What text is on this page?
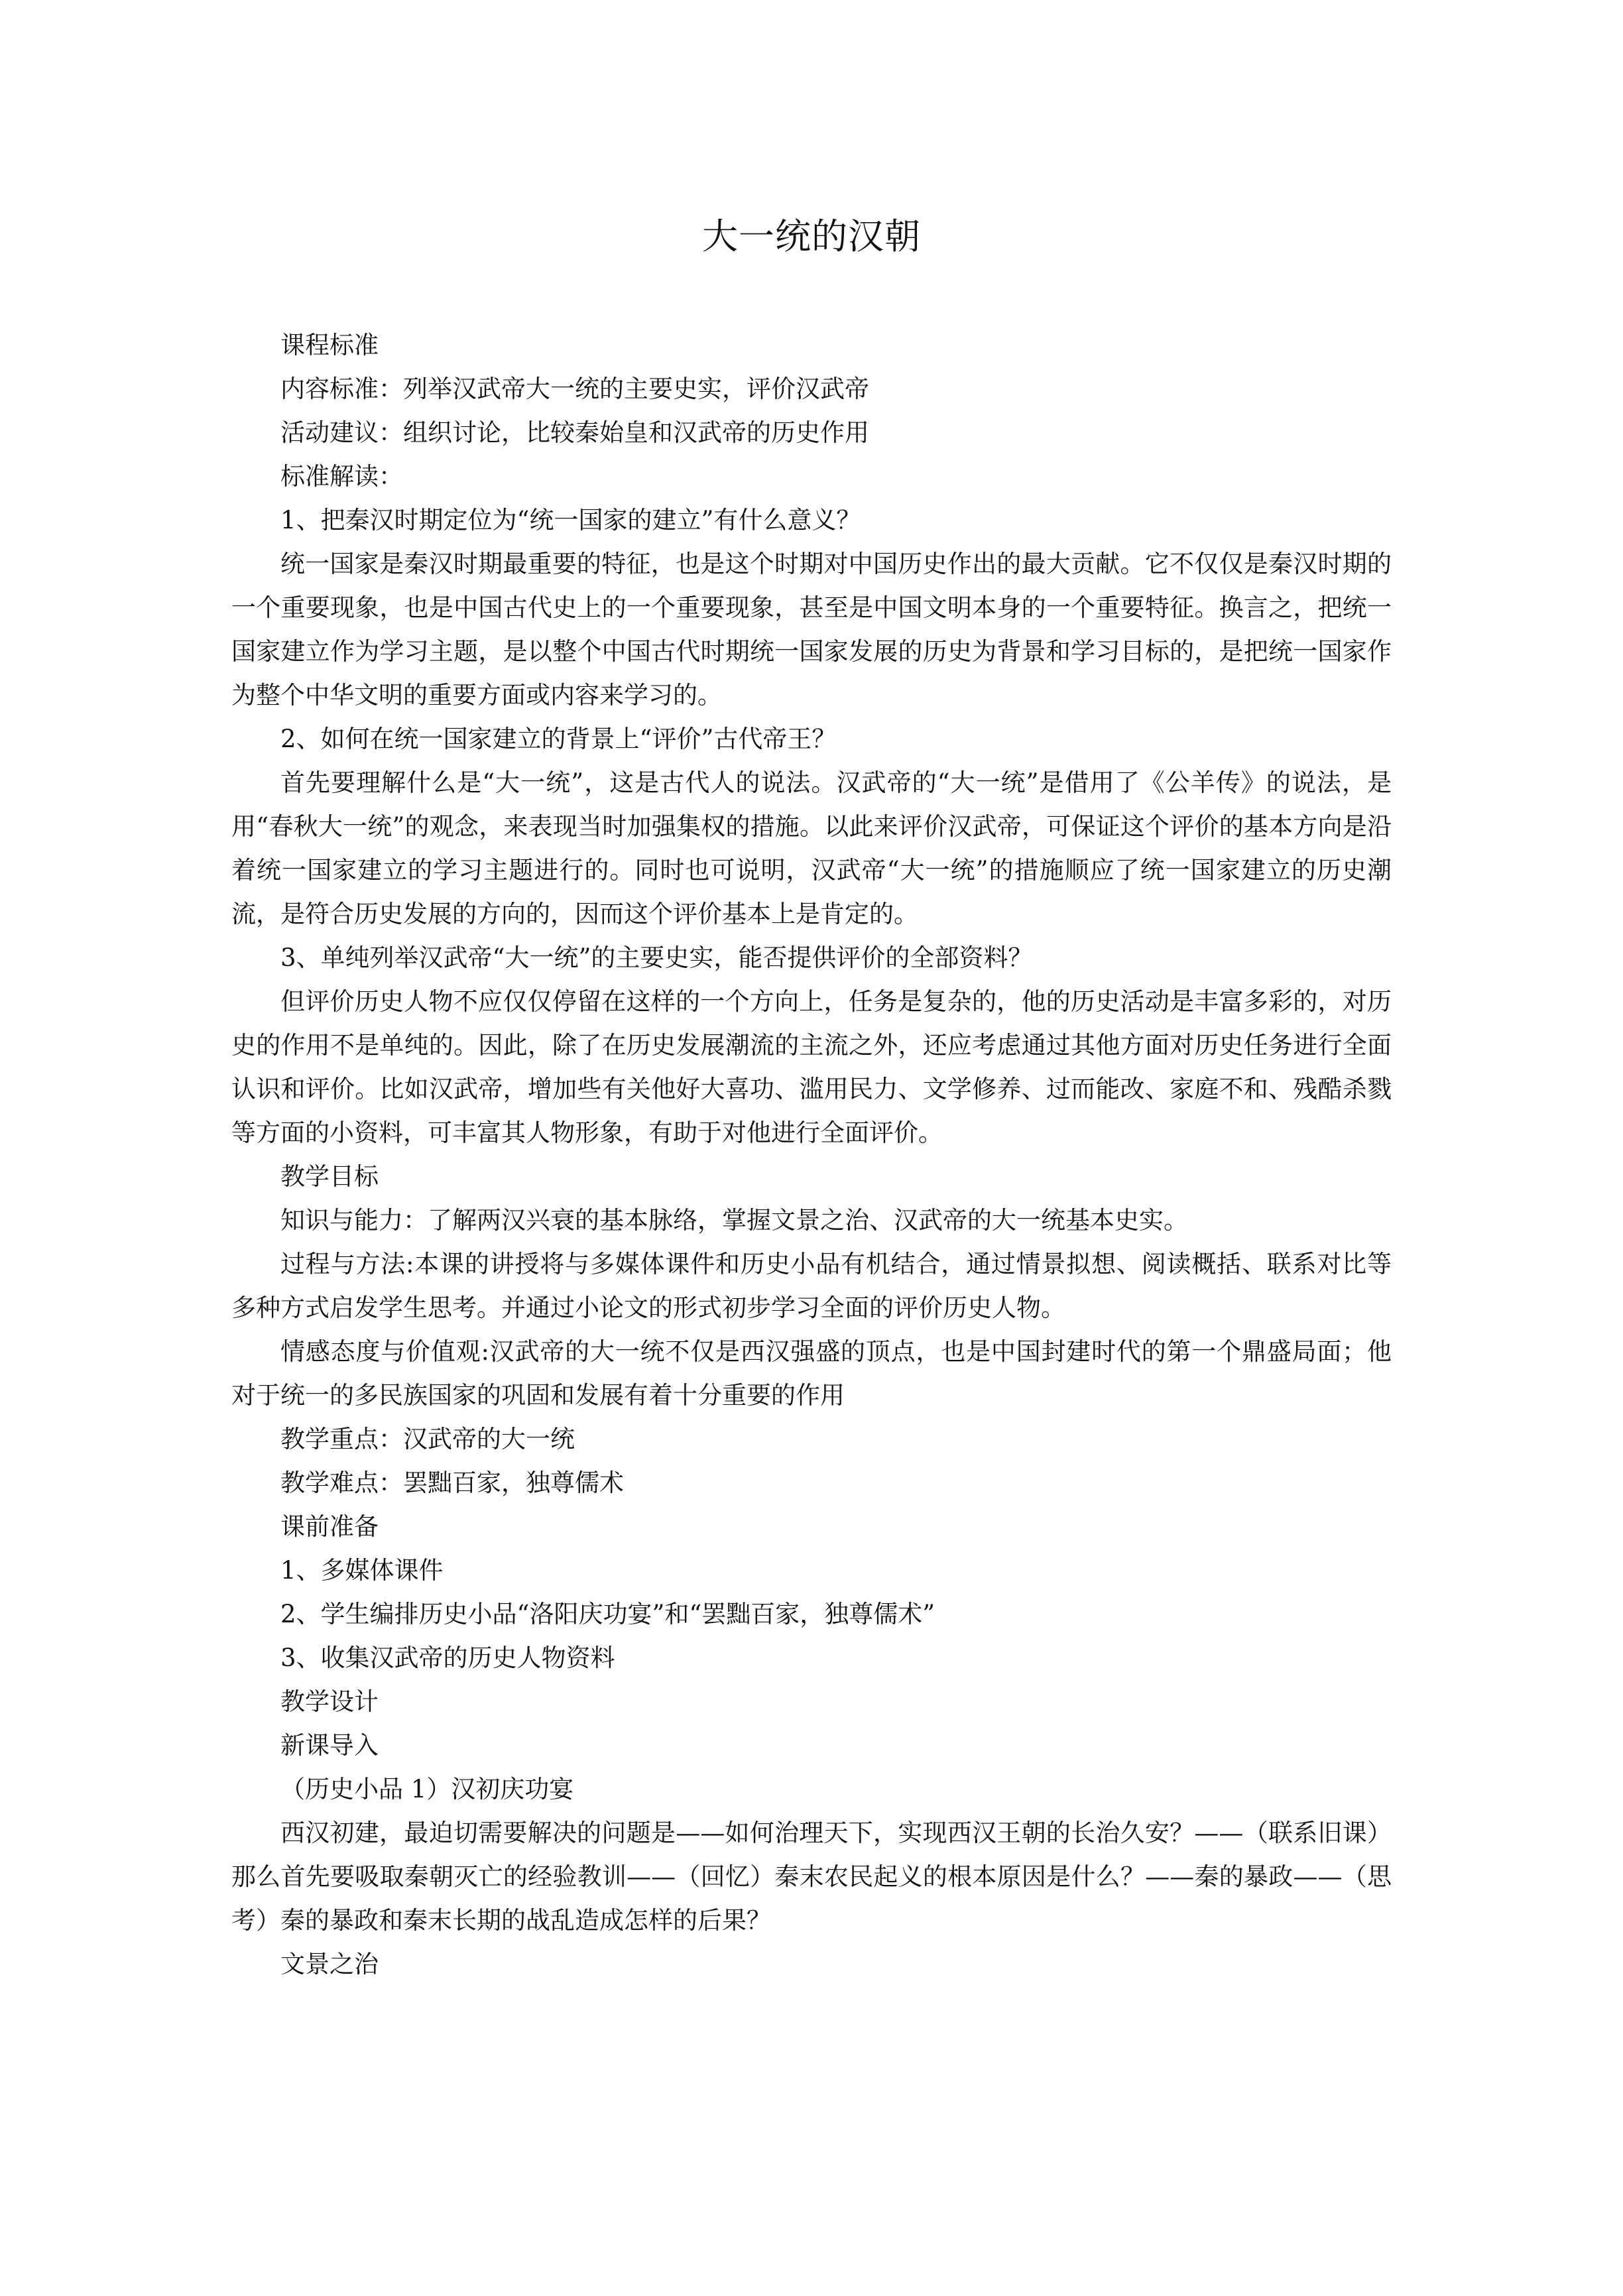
大一统的汉朝

课程标准

内容标准：列举汉武帝大一统的主要史实，评价汉武帝

活动建议：组织讨论，比较秦始皇和汉武帝的历史作用

标准解读：

1、把秦汉时期定位为“统一国家的建立”有什么意义？

统一国家是秦汉时期最重要的特征，也是这个时期对中国历史作出的最大贡献。它不仅仅是秦汉时期的一个重要现象，也是中国古代史上的一个重要现象，甚至是中国文明本身的一个重要特征。换言之，把统一国家建立作为学习主题，是以整个中国古代时期统一国家发展的历史为背景和学习目标的，是把统一国家作为整个中华文明的重要方面或内容来学习的。

2、如何在统一国家建立的背景上“评价”古代帝王？

首先要理解什么是“大一统”，这是古代人的说法。汉武帝的“大一统”是借用了《公羊传》的说法，是用“春秋大一统”的观念，来表现当时加强集权的措施。以此来评价汉武帝，可保证这个评价的基本方向是沿着统一国家建立的学习主题进行的。同时也可说明，汉武帝“大一统”的措施顺应了统一国家建立的历史潮流，是符合历史发展的方向的，因而这个评价基本上是肯定的。

3、单纯列举汉武帝“大一统”的主要史实，能否提供评价的全部资料？

但评价历史人物不应仅仅停留在这样的一个方向上，任务是复杂的，他的历史活动是丰富多彩的，对历史的作用不是单纯的。因此，除了在历史发展潮流的主流之外，还应考虑通过其他方面对历史任务进行全面认识和评价。比如汉武帝，增加些有关他好大喜功、滥用民力、文学修养、过而能改、家庭不和、残酷杀戮等方面的小资料，可丰富其人物形象，有助于对他进行全面评价。

教学目标

知识与能力：了解两汉兴衰的基本脉络，掌握文景之治、汉武帝的大一统基本史实。

过程与方法:本课的讲授将与多媒体课件和历史小品有机结合，通过情景拟想、阅读概括、联系对比等多种方式启发学生思考。并通过小论文的形式初步学习全面的评价历史人物。

情感态度与价值观:汉武帝的大一统不仅是西汉强盛的顶点，也是中国封建时代的第一个鼎盛局面；他对于统一的多民族国家的巩固和发展有着十分重要的作用

教学重点：汉武帝的大一统

教学难点：罢黜百家，独尊儒术

课前准备

1、多媒体课件

2、学生编排历史小品“洛阳庆功宴”和“罢黜百家，独尊儒术”

3、收集汉武帝的历史人物资料

教学设计

新课导入

（历史小品 1）汉初庆功宴

西汉初建，最迫切需要解决的问题是——如何治理天下，实现西汉王朝的长治久安？——（联系旧课）那么首先要吸取秦朝灭亡的经验教训——（回忆）秦末农民起义的根本原因是什么？——秦的暴政——（思考）秦的暴政和秦末长期的战乱造成怎样的后果？

文景之治
